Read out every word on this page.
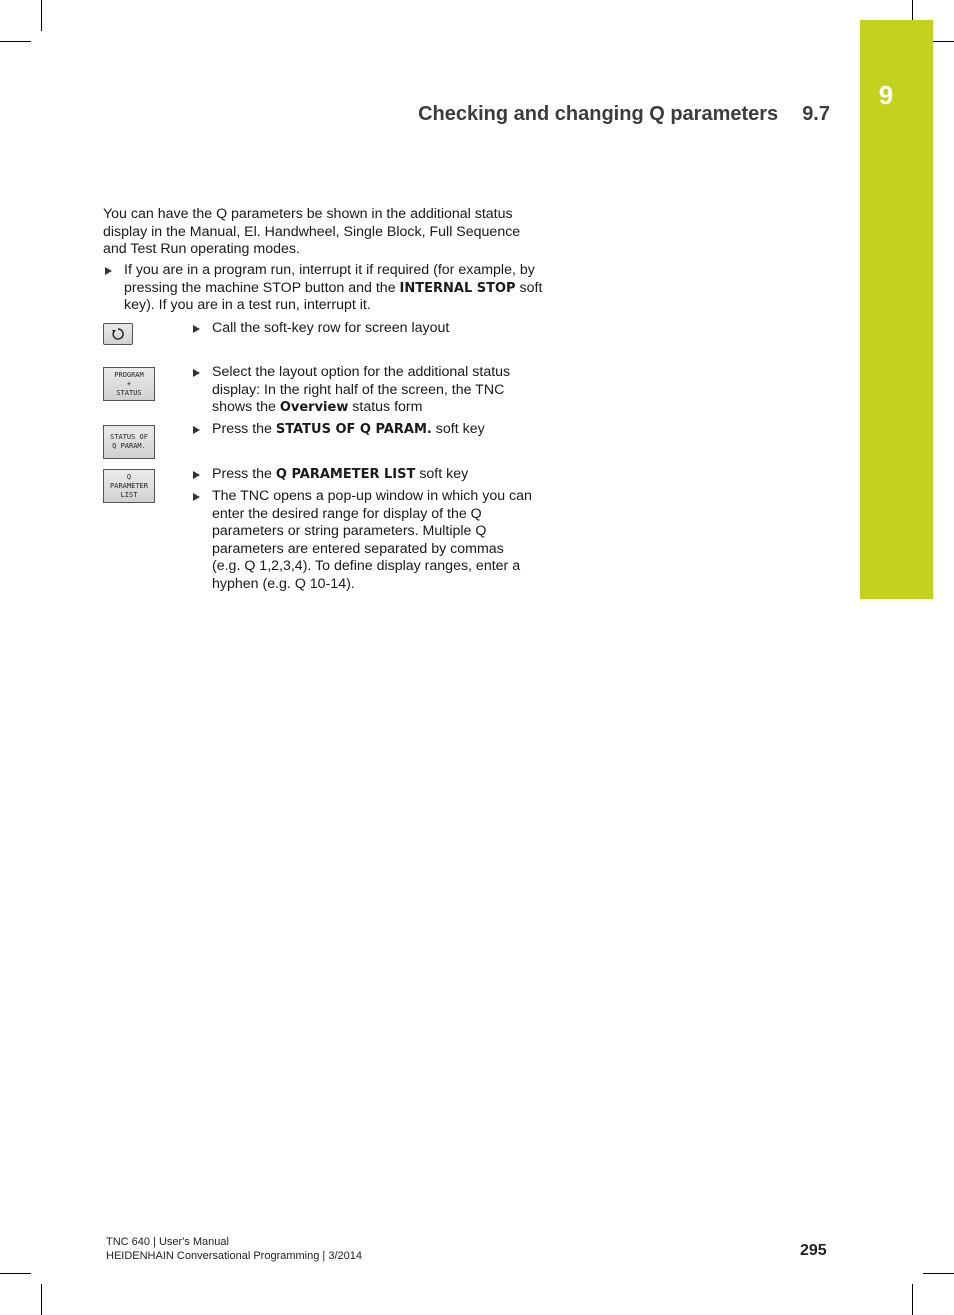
9
Checking and changing Q parameters 9.7
You can have the Q parameters be shown in the additional status display in the Manual, El. Handwheel, Single Block, Full Sequence and Test Run operating modes.
If you are in a program run, interrupt it if required (for example, by pressing the machine STOP button and the INTERNAL STOP soft key). If you are in a test run, interrupt it.
Call the soft-key row for screen layout
PROGRAM
+
STATUS
Select the layout option for the additional status display: In the right half of the screen, the TNC shows the Overview status form
STATUS OF
Q PARAM.
Press the STATUS OF Q PARAM. soft key
Q
PARAMETER
LIST
Press the Q PARAMETER LIST soft key
The TNC opens a pop-up window in which you can enter the desired range for display of the Q parameters or string parameters. Multiple Q parameters are entered separated by commas (e.g. Q 1,2,3,4). To define display ranges, enter a hyphen (e.g. Q 10-14).
TNC 640 | User's Manual
HEIDENHAIN Conversational Programming | 3/2014	295
